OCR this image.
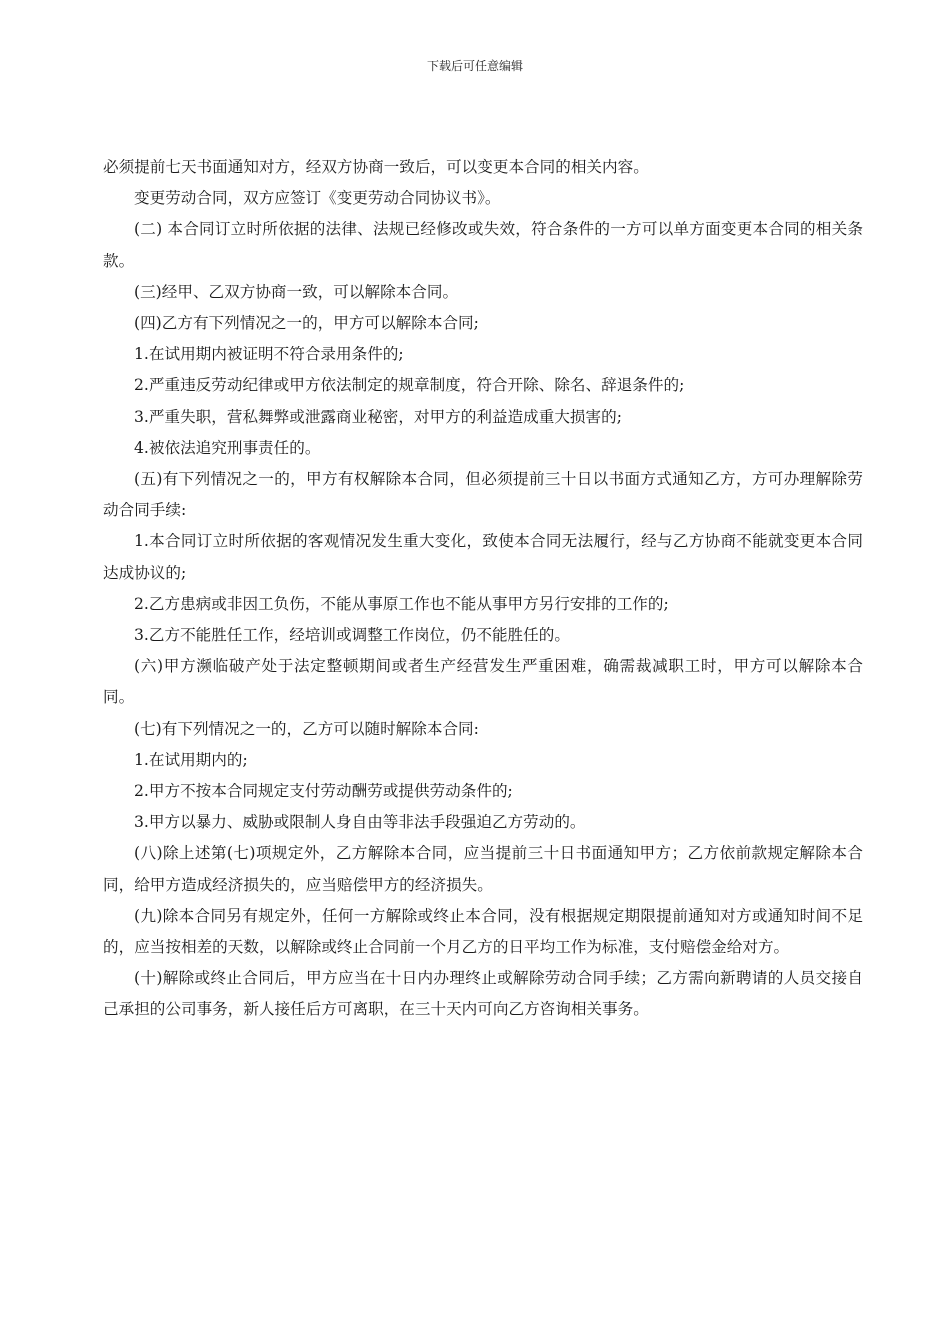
下载后可任意编辑

必须提前七天书面通知对方，经双方协商一致后，可以变更本合同的相关内容。

变更劳动合同，双方应签订《变更劳动合同协议书》。

(二) 本合同订立时所依据的法律、法规已经修改或失效，符合条件的一方可以单方面变更本合同的相关条款。

(三)经甲、乙双方协商一致，可以解除本合同。

(四)乙方有下列情况之一的，甲方可以解除本合同;

1.在试用期内被证明不符合录用条件的;

2.严重违反劳动纪律或甲方依法制定的规章制度，符合开除、除名、辞退条件的;

3.严重失职，营私舞弊或泄露商业秘密，对甲方的利益造成重大损害的;

4.被依法追究刑事责任的。

(五)有下列情况之一的，甲方有权解除本合同，但必须提前三十日以书面方式通知乙方，方可办理解除劳动合同手续:

1.本合同订立时所依据的客观情况发生重大变化，致使本合同无法履行，经与乙方协商不能就变更本合同达成协议的;

2.乙方患病或非因工负伤，不能从事原工作也不能从事甲方另行安排的工作的;

3.乙方不能胜任工作，经培训或调整工作岗位，仍不能胜任的。

(六)甲方濒临破产处于法定整顿期间或者生产经营发生严重困难，确需裁减职工时，甲方可以解除本合同。

(七)有下列情况之一的，乙方可以随时解除本合同:

1.在试用期内的;

2.甲方不按本合同规定支付劳动酬劳或提供劳动条件的;

3.甲方以暴力、威胁或限制人身自由等非法手段强迫乙方劳动的。

(八)除上述第(七)项规定外，乙方解除本合同，应当提前三十日书面通知甲方；乙方依前款规定解除本合同，给甲方造成经济损失的，应当赔偿甲方的经济损失。

(九)除本合同另有规定外，任何一方解除或终止本合同，没有根据规定期限提前通知对方或通知时间不足的，应当按相差的天数，以解除或终止合同前一个月乙方的日平均工作为标准，支付赔偿金给对方。

(十)解除或终止合同后，甲方应当在十日内办理终止或解除劳动合同手续；乙方需向新聘请的人员交接自己承担的公司事务，新人接任后方可离职，在三十天内可向乙方咨询相关事务。
